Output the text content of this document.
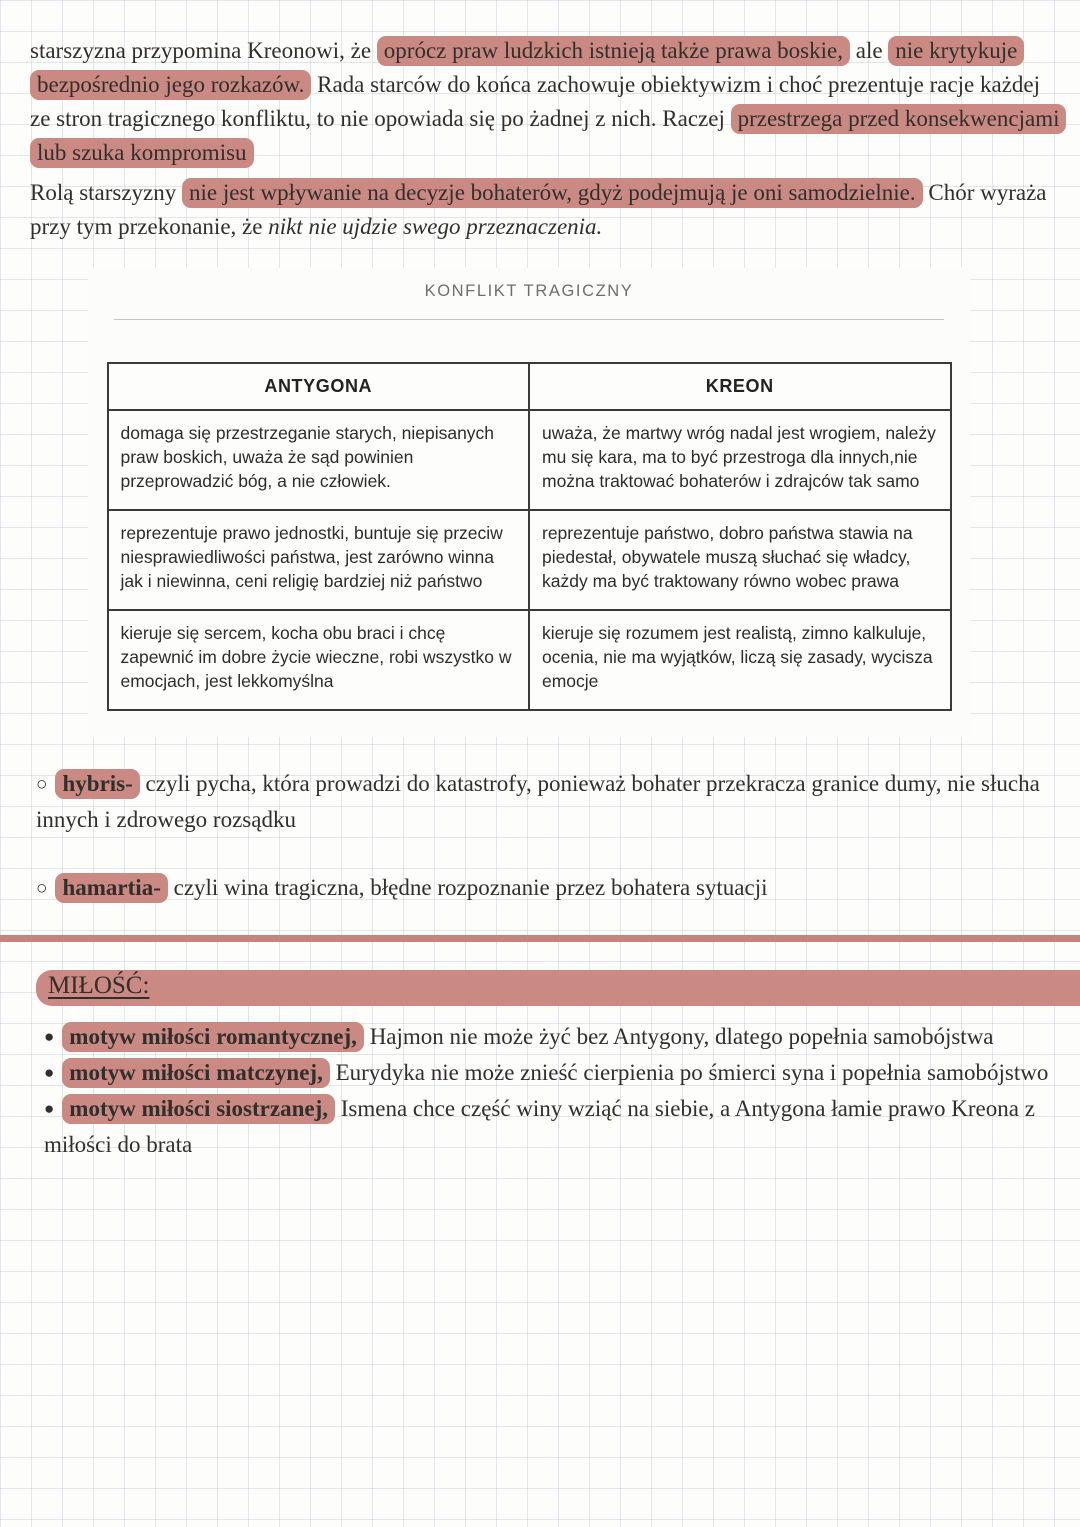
starszyzna przypomina Kreonowi, że oprócz praw ludzkich istnieją także prawa boskie, ale nie krytykuje bezpośrednio jego rozkazów. Rada starców do końca zachowuje obiektywizm i choć prezentuje racje każdej ze stron tragicznego konfliktu, to nie opowiada się po żadnej z nich. Raczej przestrzega przed konsekwencjami lub szuka kompromisu

Rolą starszyzny nie jest wpływanie na decyzje bohaterów, gdyż podejmują je oni samodzielnie. Chór wyraża przy tym przekonanie, że nikt nie ujdzie swego przeznaczenia.

KONFLIKT TRAGICZNY
ANTYGONA	KREON
domaga się przestrzeganie starych, niepisanych praw boskich, uważa że sąd powinien przeprowadzić bóg, a nie człowiek.	uważa, że martwy wróg nadal jest wrogiem, należy mu się kara, ma to być przestroga dla innych,nie można traktować bohaterów i zdrajców tak samo
reprezentuje prawo jednostki, buntuje się przeciw niesprawiedliwości państwa, jest zarówno winna jak i niewinna, ceni religię bardziej niż państwo	reprezentuje państwo, dobro państwa stawia na piedestał, obywatele muszą słuchać się władcy, każdy ma być traktowany równo wobec prawa
kieruje się sercem, kocha obu braci i chcę zapewnić im dobre życie wieczne, robi wszystko w emocjach, jest lekkomyślna	kieruje się rozumem jest realistą, zimno kalkuluje, ocenia, nie ma wyjątków, liczą się zasady, wycisza emocje

○ hybris- czyli pycha, która prowadzi do katastrofy, ponieważ bohater przekracza granice dumy, nie słucha innych i zdrowego rozsądku

○ hamartia- czyli wina tragiczna, błędne rozpoznanie przez bohatera sytuacji

MIŁOŚĆ:

● motyw miłości romantycznej, Hajmon nie może żyć bez Antygony, dlatego popełnia samobójstwa

● motyw miłości matczynej, Eurydyka nie może znieść cierpienia po śmierci syna i popełnia samobójstwo

● motyw miłości siostrzanej, Ismena chce część winy wziąć na siebie, a Antygona łamie prawo Kreona z miłości do brata
